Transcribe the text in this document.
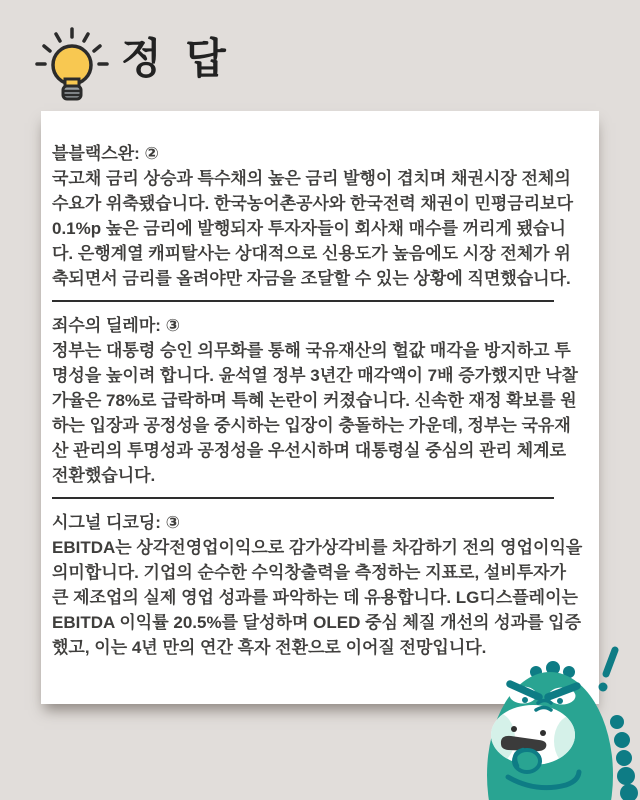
정 답
블블랙스완: ②

국고채 금리 상승과 특수채의 높은 금리 발행이 겹치며 채권시장 전체의 수요가 위축됐습니다. 한국농어촌공사와 한국전력 채권이 민평금리보다 0.1%p 높은 금리에 발행되자 투자자들이 회사채 매수를 꺼리게 됐습니다. 은행계열 캐피탈사는 상대적으로 신용도가 높음에도 시장 전체가 위축되면서 금리를 올려야만 자금을 조달할 수 있는 상황에 직면했습니다.

죄수의 딜레마: ③

정부는 대통령 승인 의무화를 통해 국유재산의 헐값 매각을 방지하고 투명성을 높이려 합니다. 윤석열 정부 3년간 매각액이 7배 증가했지만 낙찰가율은 78%로 급락하며 특혜 논란이 커졌습니다. 신속한 재정 확보를 원하는 입장과 공정성을 중시하는 입장이 충돌하는 가운데, 정부는 국유재산 관리의 투명성과 공정성을 우선시하며 대통령실 중심의 관리 체계로 전환했습니다.

시그널 디코딩: ③

EBITDA는 상각전영업이익으로 감가상각비를 차감하기 전의 영업이익을 의미합니다. 기업의 순수한 수익창출력을 측정하는 지표로, 설비투자가 큰 제조업의 실제 영업 성과를 파악하는 데 유용합니다. LG디스플레이는 EBITDA 이익률 20.5%를 달성하며 OLED 중심 체질 개선의 성과를 입증했고, 이는 4년 만의 연간 흑자 전환으로 이어질 전망입니다.
